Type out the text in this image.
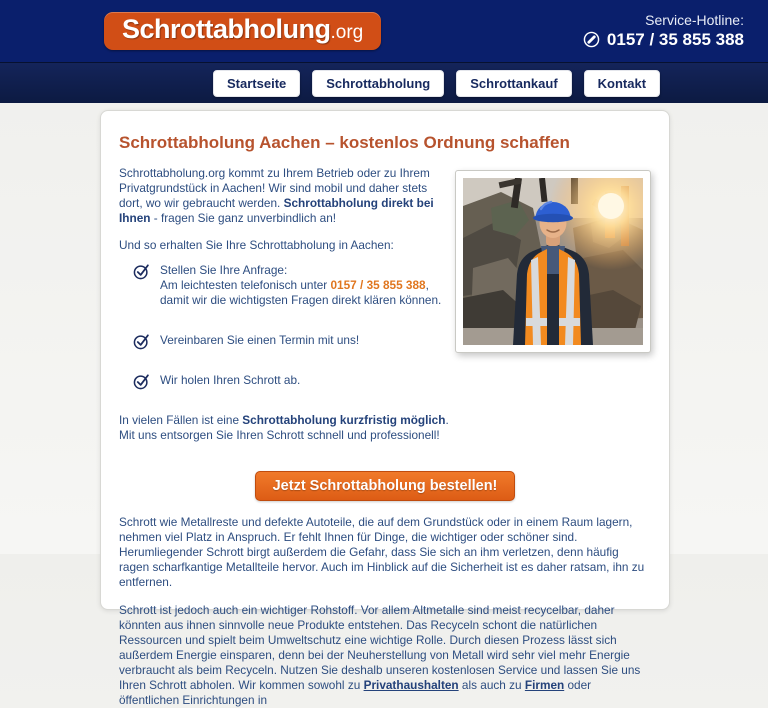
Schrottabholung.org
Service-Hotline:
0157 / 35 855 388
Startseite	Schrottabholung	Schrottankauf	Kontakt
Schrottabholung Aachen – kostenlos Ordnung schaffen

Schrottabholung.org kommt zu Ihrem Betrieb oder zu Ihrem Privatgrundstück in Aachen! Wir sind mobil und daher stets dort, wo wir gebraucht werden. Schrottabholung direkt bei Ihnen - fragen Sie ganz unverbindlich an!

Und so erhalten Sie Ihre Schrottabholung in Aachen:

Stellen Sie Ihre Anfrage:
Am leichtesten telefonisch unter 0157 / 35 855 388, damit wir die wichtigsten Fragen direkt klären können.
Vereinbaren Sie einen Termin mit uns!
Wir holen Ihren Schrott ab.

In vielen Fällen ist eine Schrottabholung kurzfristig möglich. Mit uns entsorgen Sie Ihren Schrott schnell und professionell!

Jetzt Schrottabholung bestellen!

Schrott wie Metallreste und defekte Autoteile, die auf dem Grundstück oder in einem Raum lagern, nehmen viel Platz in Anspruch. Er fehlt Ihnen für Dinge, die wichtiger oder schöner sind. Herumliegender Schrott birgt außerdem die Gefahr, dass Sie sich an ihm verletzen, denn häufig ragen scharfkantige Metallteile hervor. Auch im Hinblick auf die Sicherheit ist es daher ratsam, ihn zu entfernen.

Schrott ist jedoch auch ein wichtiger Rohstoff. Vor allem Altmetalle sind meist recycelbar, daher könnten aus ihnen sinnvolle neue Produkte entstehen. Das Recyceln schont die natürlichen Ressourcen und spielt beim Umweltschutz eine wichtige Rolle. Durch diesen Prozess lässt sich außerdem Energie einsparen, denn bei der Neuherstellung von Metall wird sehr viel mehr Energie verbraucht als beim Recyceln. Nutzen Sie deshalb unseren kostenlosen Service und lassen Sie uns Ihren Schrott abholen. Wir kommen sowohl zu Privathaushalten als auch zu Firmen oder öffentlichen Einrichtungen in
